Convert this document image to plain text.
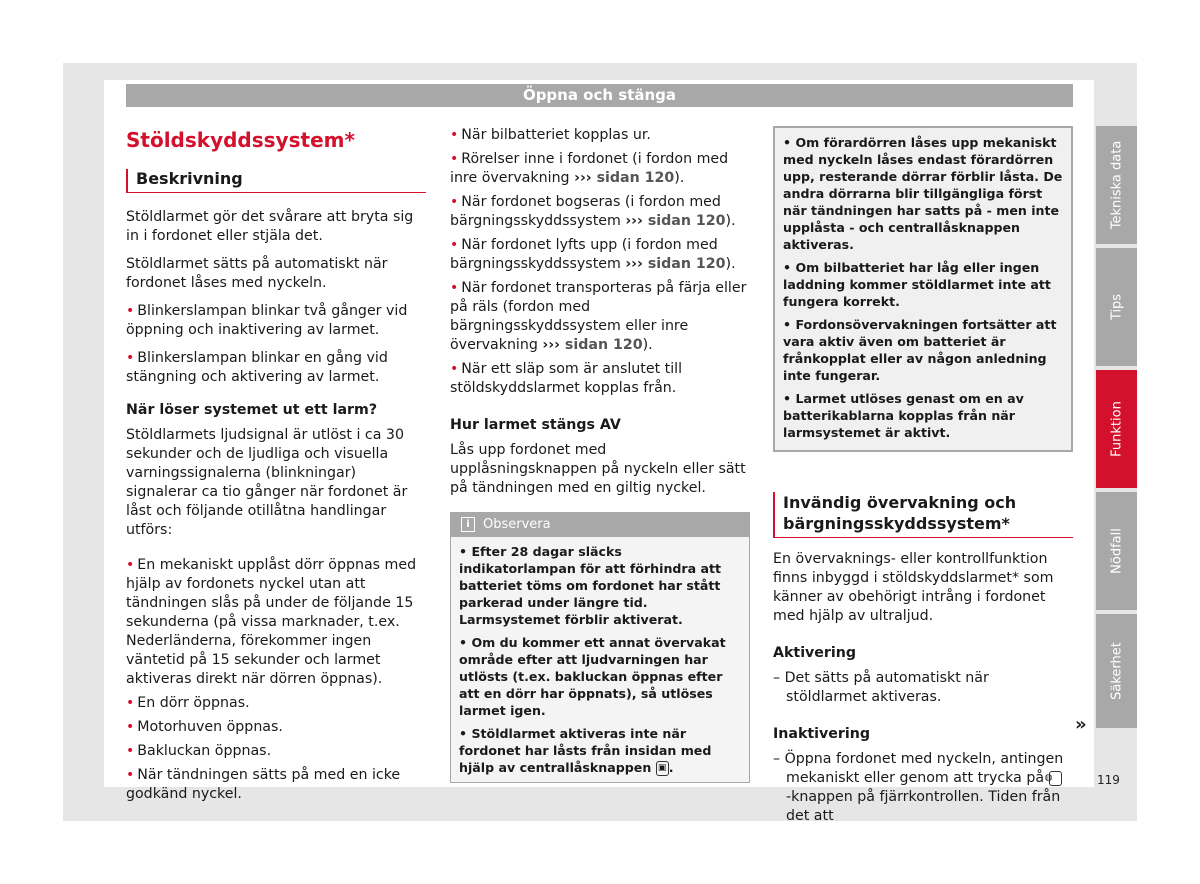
Öppna och stänga
Stöldskyddssystem*
Beskrivning

Stöldlarmet gör det svårare att bryta sig in i fordonet eller stjäla det.

Stöldlarmet sätts på automatiskt när fordonet låses med nyckeln.

• Blinkerslampan blinkar två gånger vid öppning och inaktivering av larmet.

• Blinkerslampan blinkar en gång vid stängning och aktivering av larmet.

När löser systemet ut ett larm?

Stöldlarmets ljudsignal är utlöst i ca 30 sekunder och de ljudliga och visuella varningssignalerna (blinkningar) signalerar ca tio gånger när fordonet är låst och följande otillåtna handlingar utförs:

• En mekaniskt upplåst dörr öppnas med hjälp av fordonets nyckel utan att tändningen slås på under de följande 15 sekunderna (på vissa marknader, t.ex. Nederländerna, förekommer ingen väntetid på 15 sekunder och larmet aktiveras direkt när dörren öppnas).

• En dörr öppnas.

• Motorhuven öppnas.

• Bakluckan öppnas.

• När tändningen sätts på med en icke godkänd nyckel.

• När bilbatteriet kopplas ur.

• Rörelser inne i fordonet (i fordon med inre övervakning ››› sidan 120).

• När fordonet bogseras (i fordon med bärgningsskyddssystem ››› sidan 120).

• När fordonet lyfts upp (i fordon med bärgningsskyddssystem ››› sidan 120).

• När fordonet transporteras på färja eller på räls (fordon med bärgningsskyddssystem eller inre övervakning ››› sidan 120).

• När ett släp som är anslutet till stöldskyddslarmet kopplas från.

Hur larmet stängs AV

Lås upp fordonet med upplåsningsknappen på nyckeln eller sätt på tändningen med en giltig nyckel.

i Observera

• Efter 28 dagar släcks indikatorlampan för att förhindra att batteriet töms om fordonet har stått parkerad under längre tid. Larmsystemet förblir aktiverat.

• Om du kommer ett annat övervakat område efter att ljudvarningen har utlösts (t.ex. bakluckan öppnas efter att en dörr har öppnats), så utlöses larmet igen.

• Stöldlarmet aktiveras inte när fordonet har låsts från insidan med hjälp av centrallåsknappen ▣ .

• Om förardörren låses upp mekaniskt med nyckeln låses endast förardörren upp, resterande dörrar förblir låsta. De andra dörrarna blir tillgängliga först när tändningen har satts på - men inte upplåsta - och centrallåsknappen aktiveras.

• Om bilbatteriet har låg eller ingen laddning kommer stöldlarmet inte att fungera korrekt.

• Fordonsövervakningen fortsätter att vara aktiv även om batteriet är frånkopplat eller av någon anledning inte fungerar.

• Larmet utlöses genast om en av batterikablarna kopplas från när larmsystemet är aktivt.

Invändig övervakning och bärgningsskyddssystem*

En övervaknings- eller kontrollfunktion finns inbyggd i stöldskyddslarmet* som känner av obehörigt intrång i fordonet med hjälp av ultraljud.

Aktivering

– Det sätts på automatiskt när stöldlarmet aktiveras.

Inaktivering

– Öppna fordonet med nyckeln, antingen mekaniskt eller genom att trycka på ◍-knappen på fjärrkontrollen. Tiden från det att

Tekniska data
Tips
Funktion
Nödfall
Säkerhet
»
119
